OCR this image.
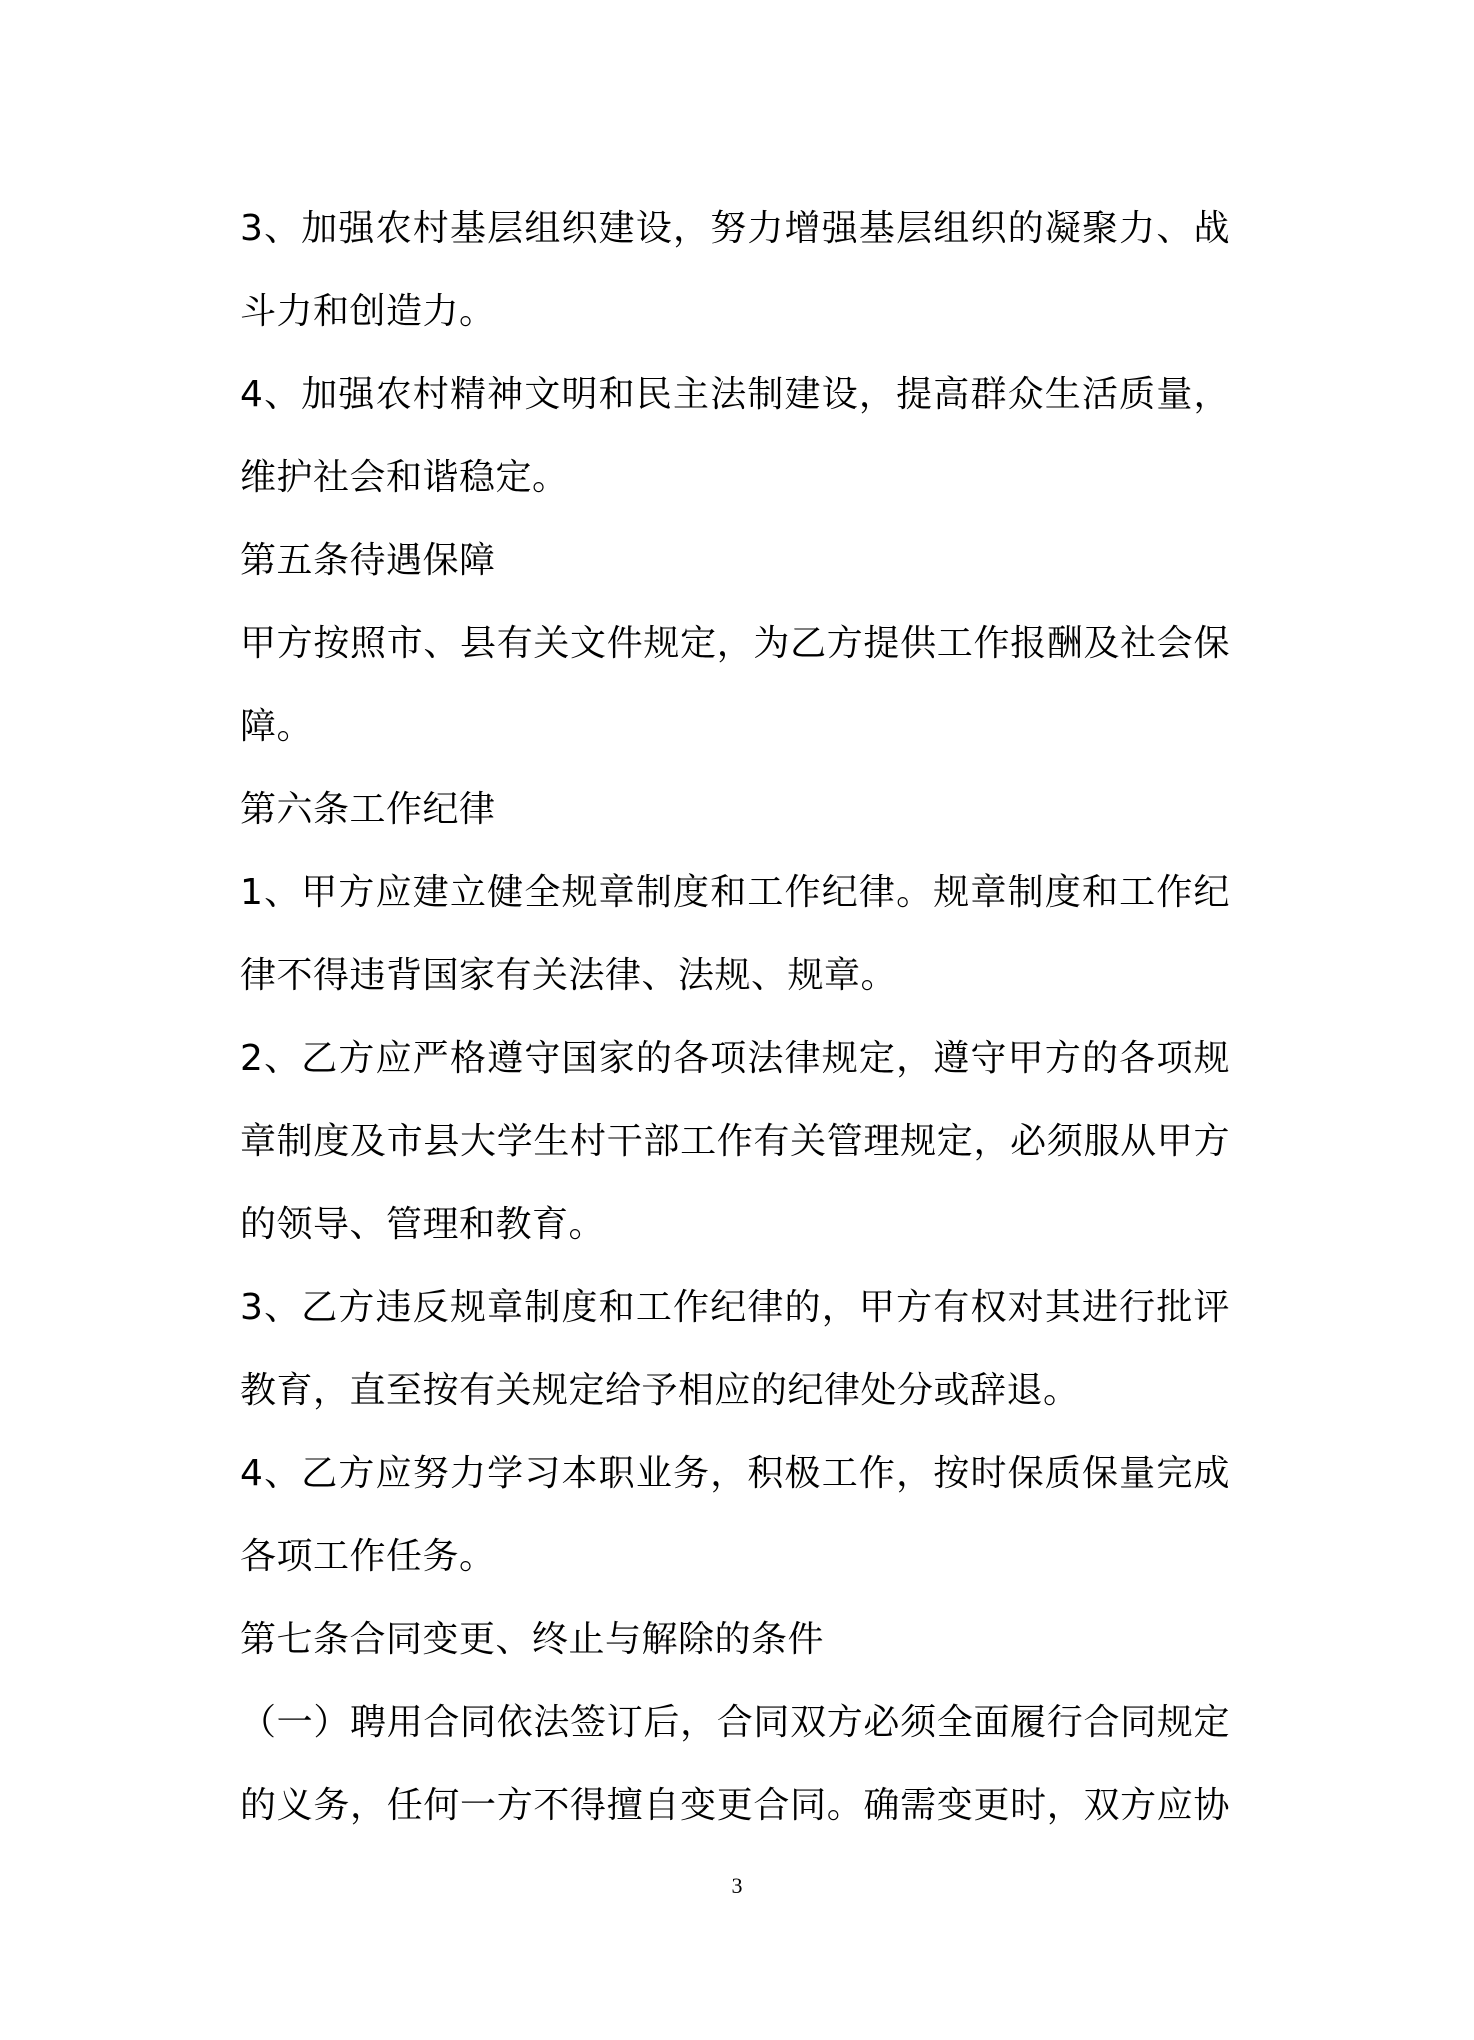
3、加强农村基层组织建设，努力增强基层组织的凝聚力、战
斗力和创造力。
4、加强农村精神文明和民主法制建设，提高群众生活质量，
维护社会和谐稳定。
第五条待遇保障
甲方按照市、县有关文件规定，为乙方提供工作报酬及社会保
障。
第六条工作纪律
1、甲方应建立健全规章制度和工作纪律。规章制度和工作纪
律不得违背国家有关法律、法规、规章。
2、乙方应严格遵守国家的各项法律规定，遵守甲方的各项规
章制度及市县大学生村干部工作有关管理规定，必须服从甲方
的领导、管理和教育。
3、乙方违反规章制度和工作纪律的，甲方有权对其进行批评
教育，直至按有关规定给予相应的纪律处分或辞退。
4、乙方应努力学习本职业务，积极工作，按时保质保量完成
各项工作任务。
第七条合同变更、终止与解除的条件
（一）聘用合同依法签订后，合同双方必须全面履行合同规定
的义务，任何一方不得擅自变更合同。确需变更时，双方应协
3
